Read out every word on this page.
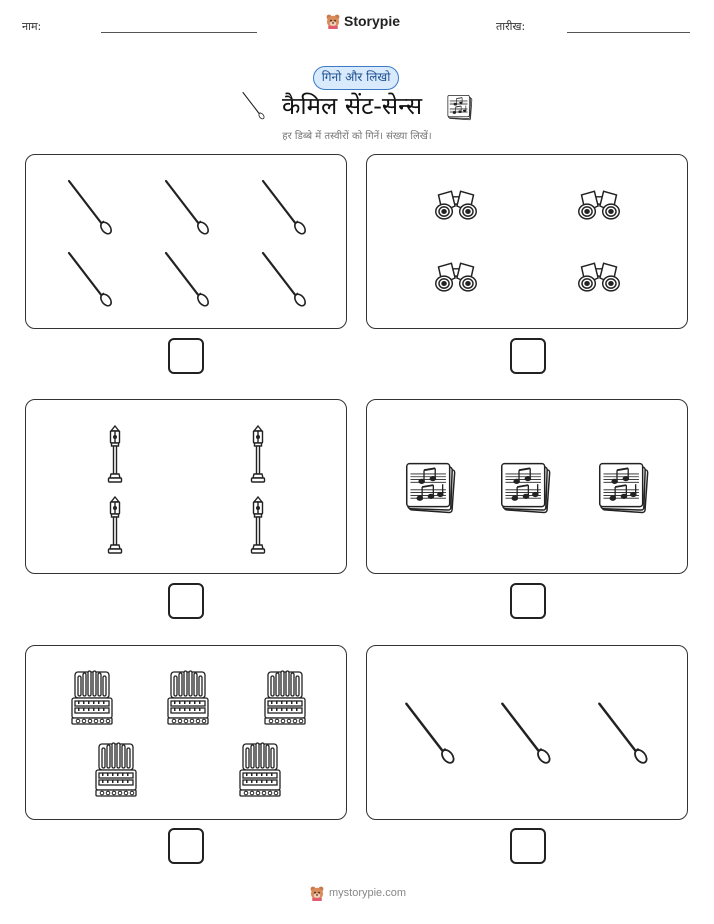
नाम:	Storypie	तारीख:
गिनो और लिखो
कैमिल सेंट-सेन्स
हर डिब्बे में तस्वीरों को गिनें। संख्या लिखें।
mystorypie.com
